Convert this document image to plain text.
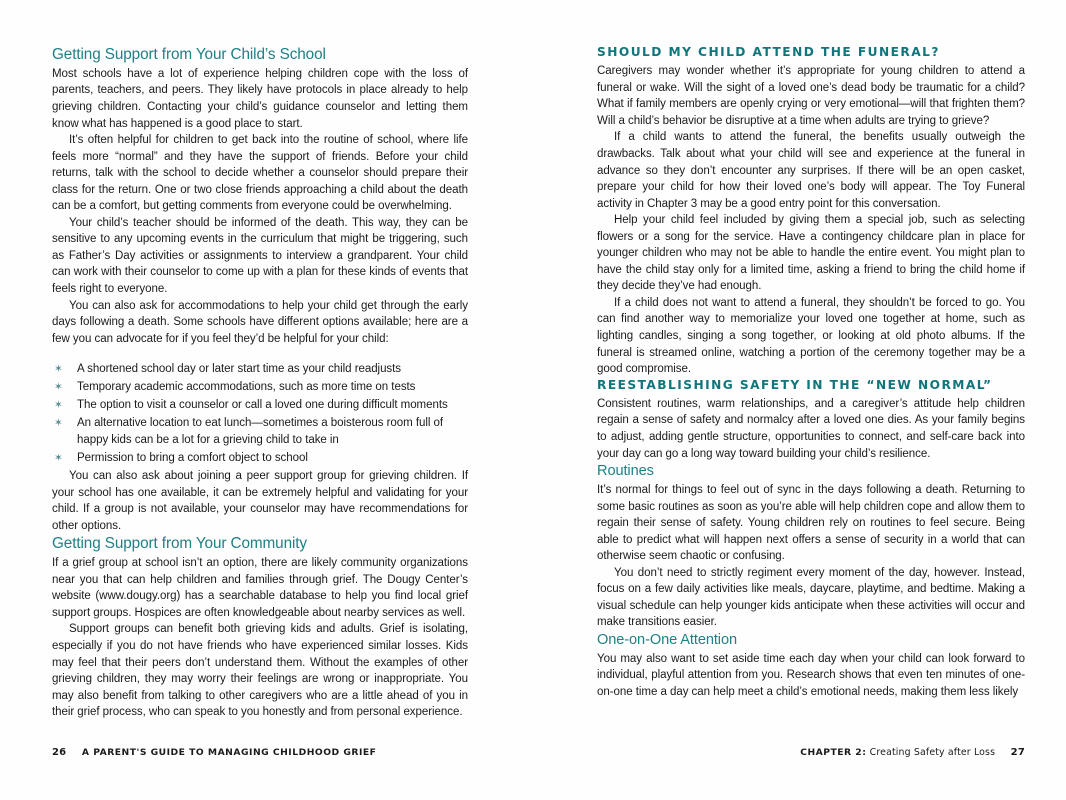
Getting Support from Your Child’s School

Most schools have a lot of experience helping children cope with the loss of parents, teachers, and peers. They likely have protocols in place already to help grieving children. Contacting your child’s guidance counselor and letting them know what has happened is a good place to start.

It’s often helpful for children to get back into the routine of school, where life feels more “normal” and they have the support of friends. Before your child returns, talk with the school to decide whether a counselor should prepare their class for the return. One or two close friends approaching a child about the death can be a comfort, but getting comments from everyone could be overwhelming.

Your child’s teacher should be informed of the death. This way, they can be sensitive to any upcoming events in the curriculum that might be triggering, such as Father’s Day activities or assignments to interview a grandparent. Your child can work with their counselor to come up with a plan for these kinds of events that feels right to everyone.

You can also ask for accommodations to help your child get through the early days following a death. Some schools have different options available; here are a few you can advocate for if you feel they’d be helpful for your child:

✶ A shortened school day or later start time as your child readjusts
✶ Temporary academic accommodations, such as more time on tests
✶ The option to visit a counselor or call a loved one during difficult moments
✶ An alternative location to eat lunch—sometimes a boisterous room full of happy kids can be a lot for a grieving child to take in
✶ Permission to bring a comfort object to school

You can also ask about joining a peer support group for grieving children. If your school has one available, it can be extremely helpful and validating for your child. If a group is not available, your counselor may have recommendations for other options.

Getting Support from Your Community

If a grief group at school isn’t an option, there are likely community organizations near you that can help children and families through grief. The Dougy Center’s website (www.dougy.org) has a searchable database to help you find local grief support groups. Hospices are often knowledgeable about nearby services as well.

Support groups can benefit both grieving kids and adults. Grief is isolating, especially if you do not have friends who have experienced similar losses. Kids may feel that their peers don’t understand them. Without the examples of other grieving children, they may worry their feelings are wrong or inappropriate. You may also benefit from talking to other caregivers who are a little ahead of you in their grief process, who can speak to you honestly and from personal experience.

26 A PARENT'S GUIDE TO MANAGING CHILDHOOD GRIEF
SHOULD MY CHILD ATTEND THE FUNERAL?

Caregivers may wonder whether it’s appropriate for young children to attend a funeral or wake. Will the sight of a loved one’s dead body be traumatic for a child? What if family members are openly crying or very emotional—will that frighten them? Will a child’s behavior be disruptive at a time when adults are trying to grieve?

If a child wants to attend the funeral, the benefits usually outweigh the drawbacks. Talk about what your child will see and experience at the funeral in advance so they don’t encounter any surprises. If there will be an open casket, prepare your child for how their loved one’s body will appear. The Toy Funeral activity in Chapter 3 may be a good entry point for this conversation.

Help your child feel included by giving them a special job, such as selecting flowers or a song for the service. Have a contingency childcare plan in place for younger children who may not be able to handle the entire event. You might plan to have the child stay only for a limited time, asking a friend to bring the child home if they decide they’ve had enough.

If a child does not want to attend a funeral, they shouldn’t be forced to go. You can find another way to memorialize your loved one together at home, such as lighting candles, singing a song together, or looking at old photo albums. If the funeral is streamed online, watching a portion of the ceremony together may be a good compromise.

REESTABLISHING SAFETY IN THE “NEW NORMAL”

Consistent routines, warm relationships, and a caregiver’s attitude help children regain a sense of safety and normalcy after a loved one dies. As your family begins to adjust, adding gentle structure, opportunities to connect, and self-care back into your day can go a long way toward building your child’s resilience.

Routines

It’s normal for things to feel out of sync in the days following a death. Returning to some basic routines as soon as you’re able will help children cope and allow them to regain their sense of safety. Young children rely on routines to feel secure. Being able to predict what will happen next offers a sense of security in a world that can otherwise seem chaotic or confusing.

You don’t need to strictly regiment every moment of the day, however. Instead, focus on a few daily activities like meals, daycare, playtime, and bedtime. Making a visual schedule can help younger kids anticipate when these activities will occur and make transitions easier.

One-on-One Attention

You may also want to set aside time each day when your child can look forward to individual, playful attention from you. Research shows that even ten minutes of one-on-one time a day can help meet a child’s emotional needs, making them less likely

CHAPTER 2: Creating Safety after Loss 27
